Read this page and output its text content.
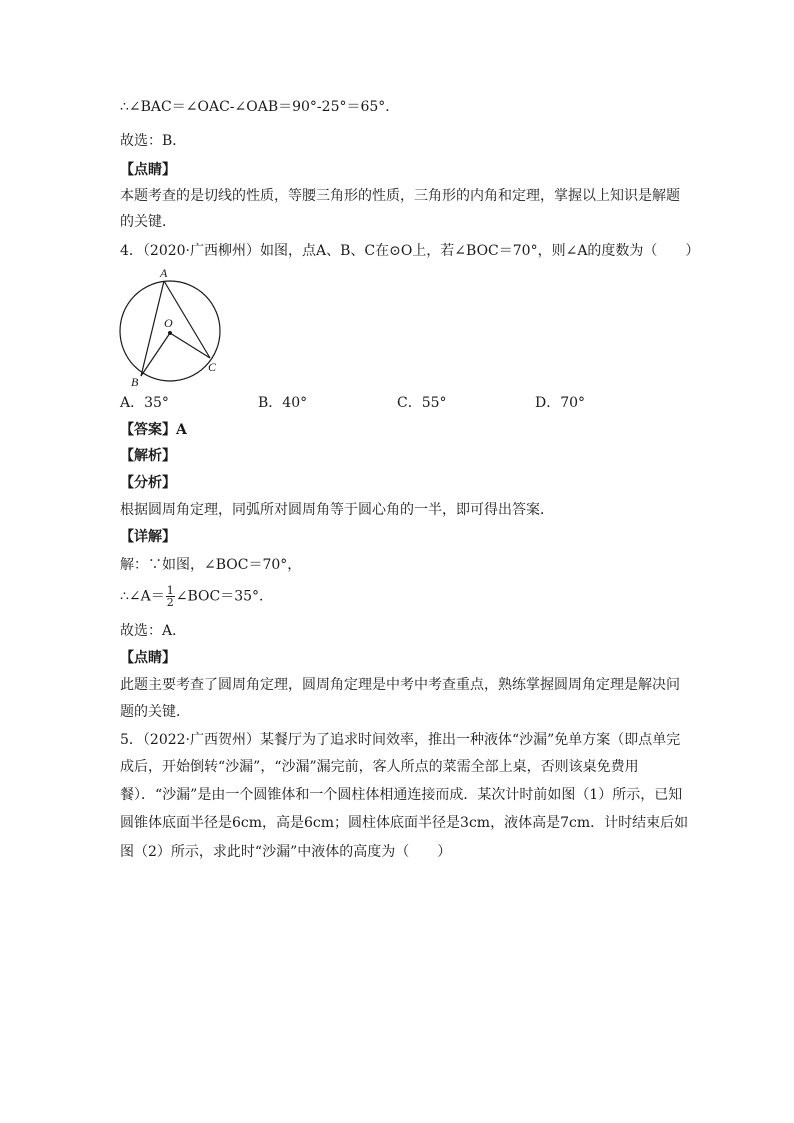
∴∠BAC＝∠OAC-∠OAB＝90°-25°＝65°．
故选：B．
【点睛】
本题考查的是切线的性质，等腰三角形的性质，三角形的内角和定理，掌握以上知识是解题
的关键．
4．（2020·广西柳州）如图，点A、B、C在⊙O上，若∠BOC＝70°，则∠A的度数为（　　）
A
O
B
C
A．35°	B．40°	C．55°	D．70°
【答案】A
【解析】
【分析】
根据圆周角定理，同弧所对圆周角等于圆心角的一半，即可得出答案．
【详解】
解：∵如图，∠BOC＝70°，
∴∠A＝ $\frac{1}{2}$ ∠BOC＝35°．
故选：A．
【点睛】
此题主要考查了圆周角定理，圆周角定理是中考中考查重点，熟练掌握圆周角定理是解决问
题的关键．
5．（2022·广西贺州）某餐厅为了追求时间效率，推出一种液体“沙漏”免单方案（即点单完
成后，开始倒转“沙漏”，“沙漏”漏完前，客人所点的菜需全部上桌，否则该桌免费用
餐）．“沙漏”是由一个圆锥体和一个圆柱体相通连接而成．某次计时前如图（1）所示，已知
圆锥体底面半径是6cm，高是6cm；圆柱体底面半径是3cm，液体高是7cm．计时结束后如
图（2）所示，求此时“沙漏”中液体的高度为（　　）
